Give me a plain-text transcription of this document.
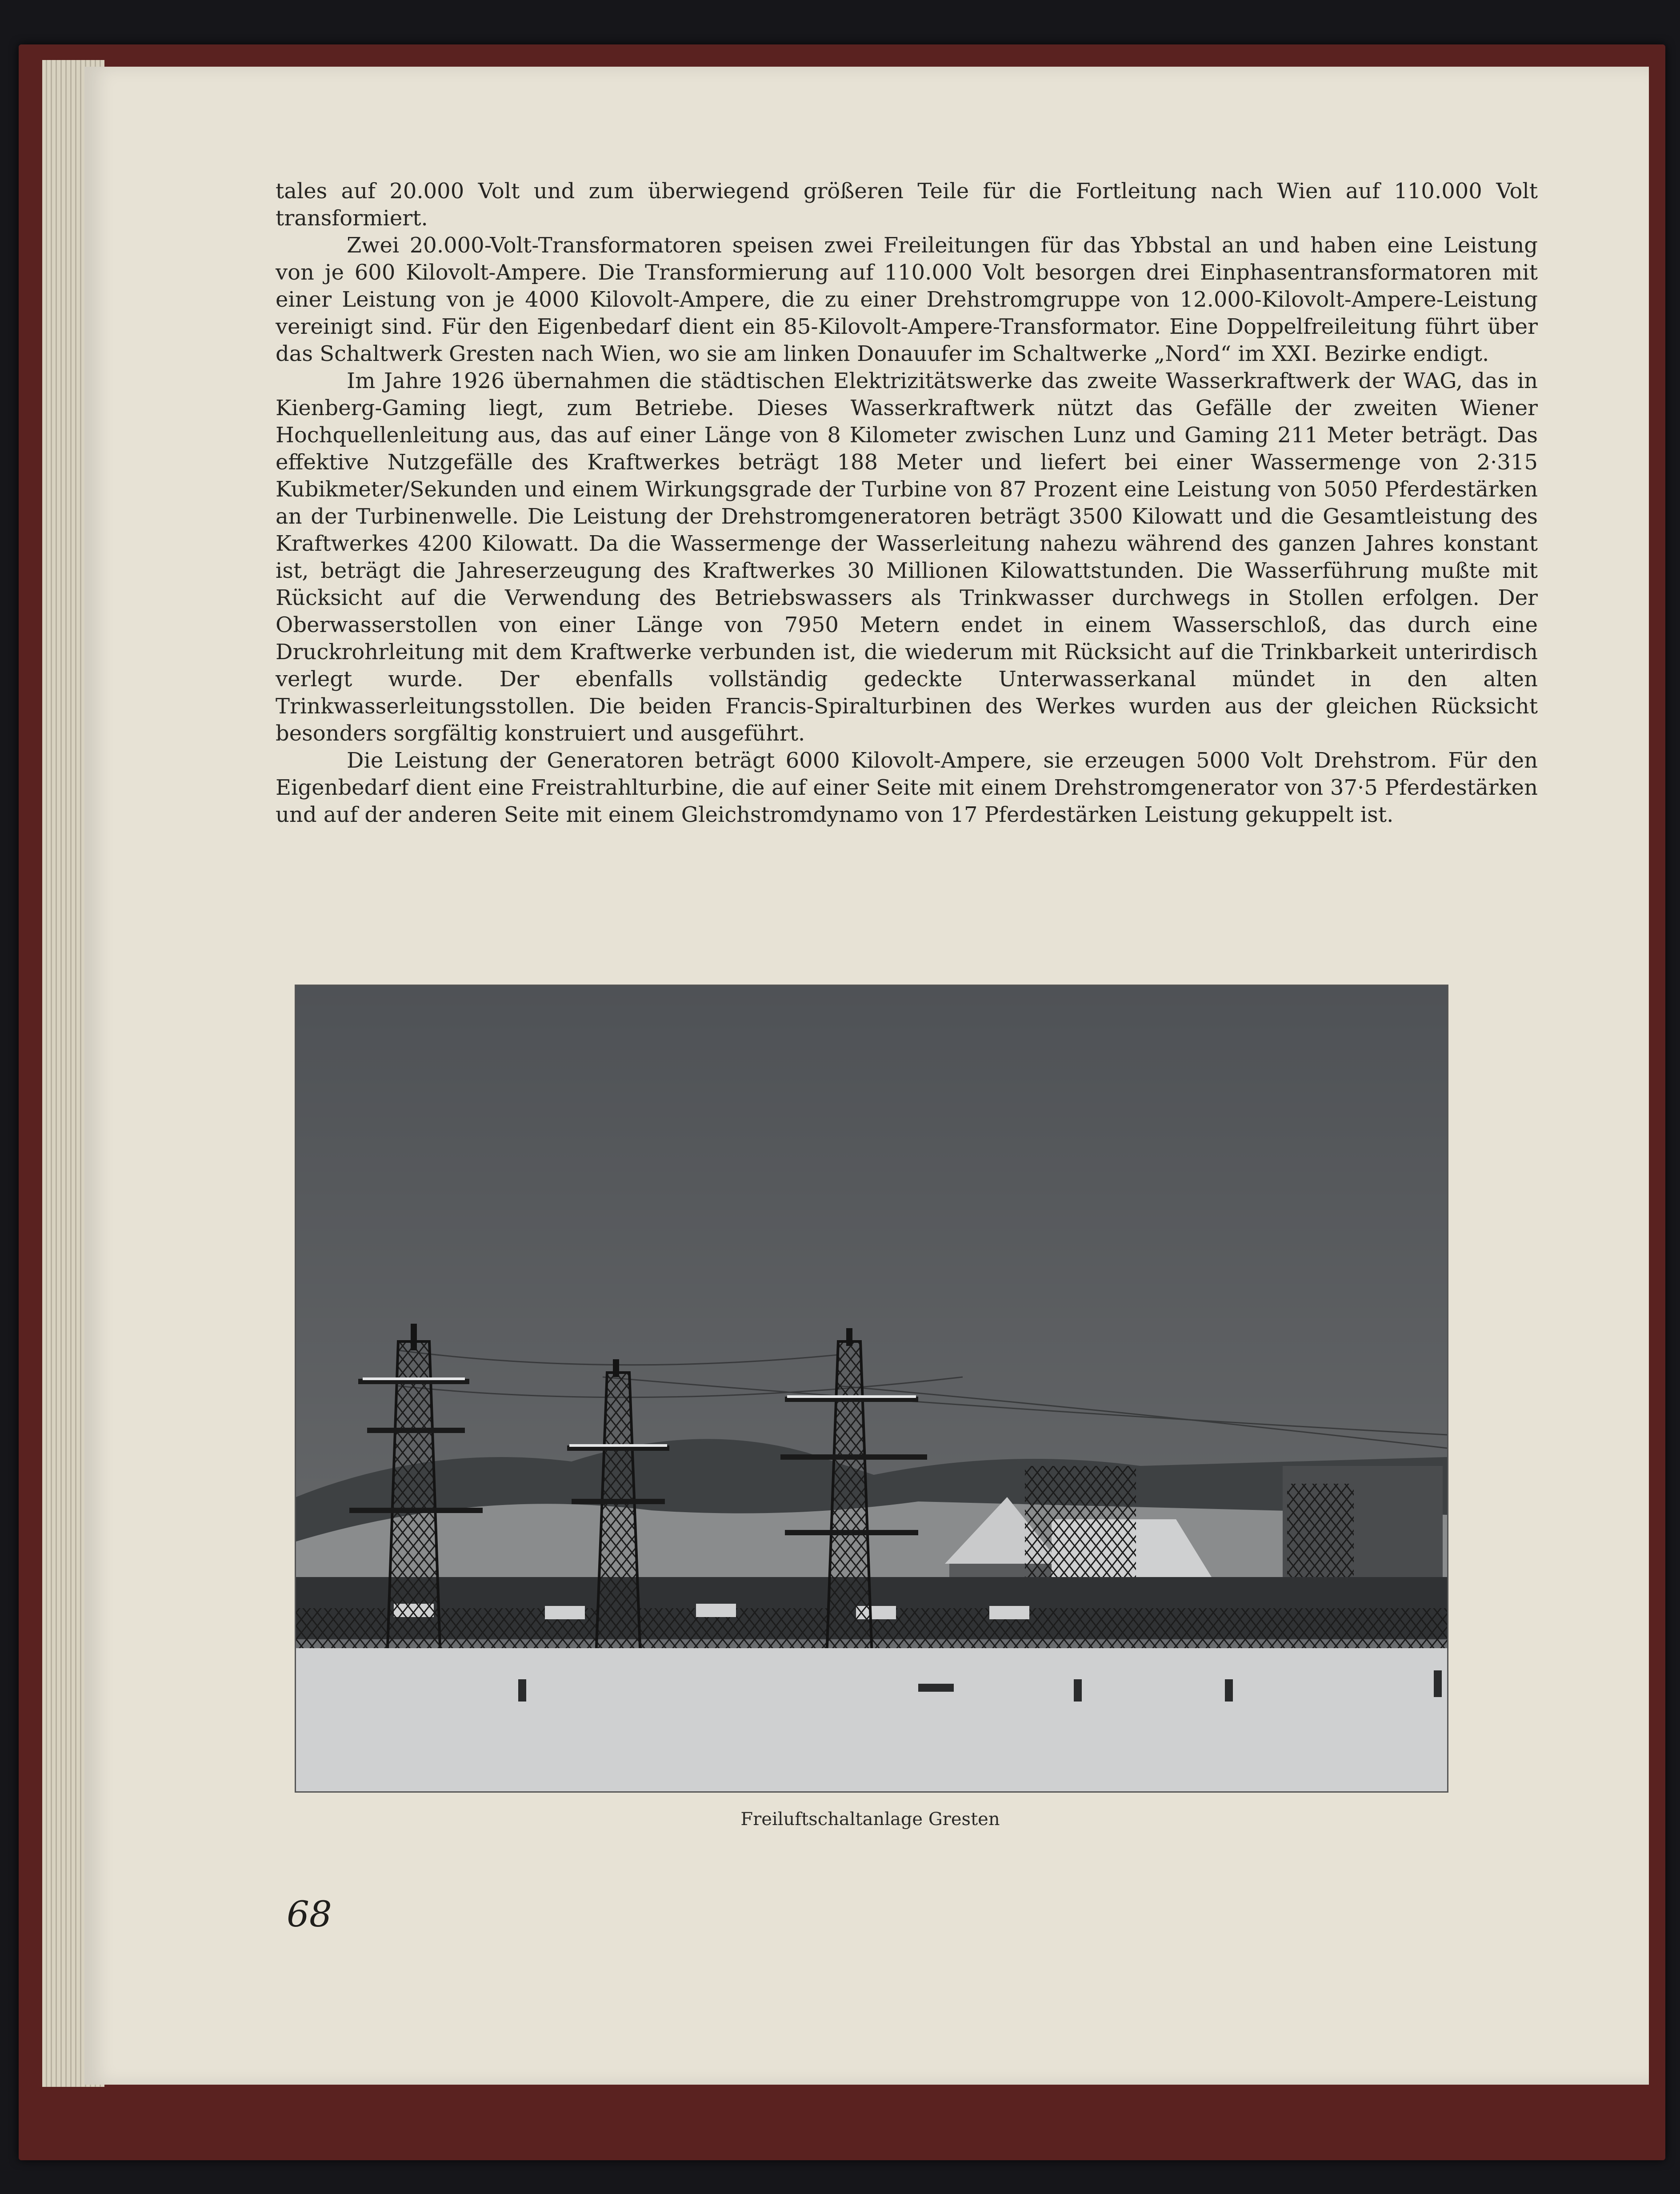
tales auf 20.000 Volt und zum überwiegend größeren Teile für die Fortleitung nach Wien auf 110.000 Volt transformiert.

Zwei 20.000-Volt-Transformatoren speisen zwei Freileitungen für das Ybbstal an und haben eine Leistung von je 600 Kilovolt-Ampere. Die Transformierung auf 110.000 Volt besorgen drei Einphasentransformatoren mit einer Leistung von je 4000 Kilovolt-Ampere, die zu einer Drehstromgruppe von 12.000-Kilovolt-Ampere-Leistung vereinigt sind. Für den Eigenbedarf dient ein 85-Kilovolt-Ampere-Transformator. Eine Doppelfreileitung führt über das Schaltwerk Gresten nach Wien, wo sie am linken Donauufer im Schaltwerke „Nord“ im XXI. Bezirke endigt.

Im Jahre 1926 übernahmen die städtischen Elektrizitätswerke das zweite Wasserkraftwerk der WAG, das in Kienberg-Gaming liegt, zum Betriebe. Dieses Wasserkraftwerk nützt das Gefälle der zweiten Wiener Hochquellenleitung aus, das auf einer Länge von 8 Kilometer zwischen Lunz und Gaming 211 Meter beträgt. Das effektive Nutzgefälle des Kraftwerkes beträgt 188 Meter und liefert bei einer Wassermenge von 2·315 Kubikmeter/Sekunden und einem Wirkungsgrade der Turbine von 87 Prozent eine Leistung von 5050 Pferdestärken an der Turbinenwelle. Die Leistung der Drehstromgeneratoren beträgt 3500 Kilowatt und die Gesamtleistung des Kraftwerkes 4200 Kilowatt. Da die Wassermenge der Wasserleitung nahezu während des ganzen Jahres konstant ist, beträgt die Jahreserzeugung des Kraftwerkes 30 Millionen Kilowattstunden. Die Wasserführung mußte mit Rücksicht auf die Verwendung des Betriebswassers als Trinkwasser durchwegs in Stollen erfolgen. Der Oberwasserstollen von einer Länge von 7950 Metern endet in einem Wasserschloß, das durch eine Druckrohrleitung mit dem Kraftwerke verbunden ist, die wiederum mit Rücksicht auf die Trinkbarkeit unterirdisch verlegt wurde. Der ebenfalls vollständig gedeckte Unterwasserkanal mündet in den alten Trinkwasserleitungsstollen. Die beiden Francis-Spiralturbinen des Werkes wurden aus der gleichen Rücksicht besonders sorgfältig konstruiert und ausgeführt.

Die Leistung der Generatoren beträgt 6000 Kilovolt-Ampere, sie erzeugen 5000 Volt Drehstrom. Für den Eigenbedarf dient eine Freistrahlturbine, die auf einer Seite mit einem Drehstromgenerator von 37·5 Pferdestärken und auf der anderen Seite mit einem Gleichstromdynamo von 17 Pferdestärken Leistung gekuppelt ist.

Freiluftschaltanlage Gresten
68
